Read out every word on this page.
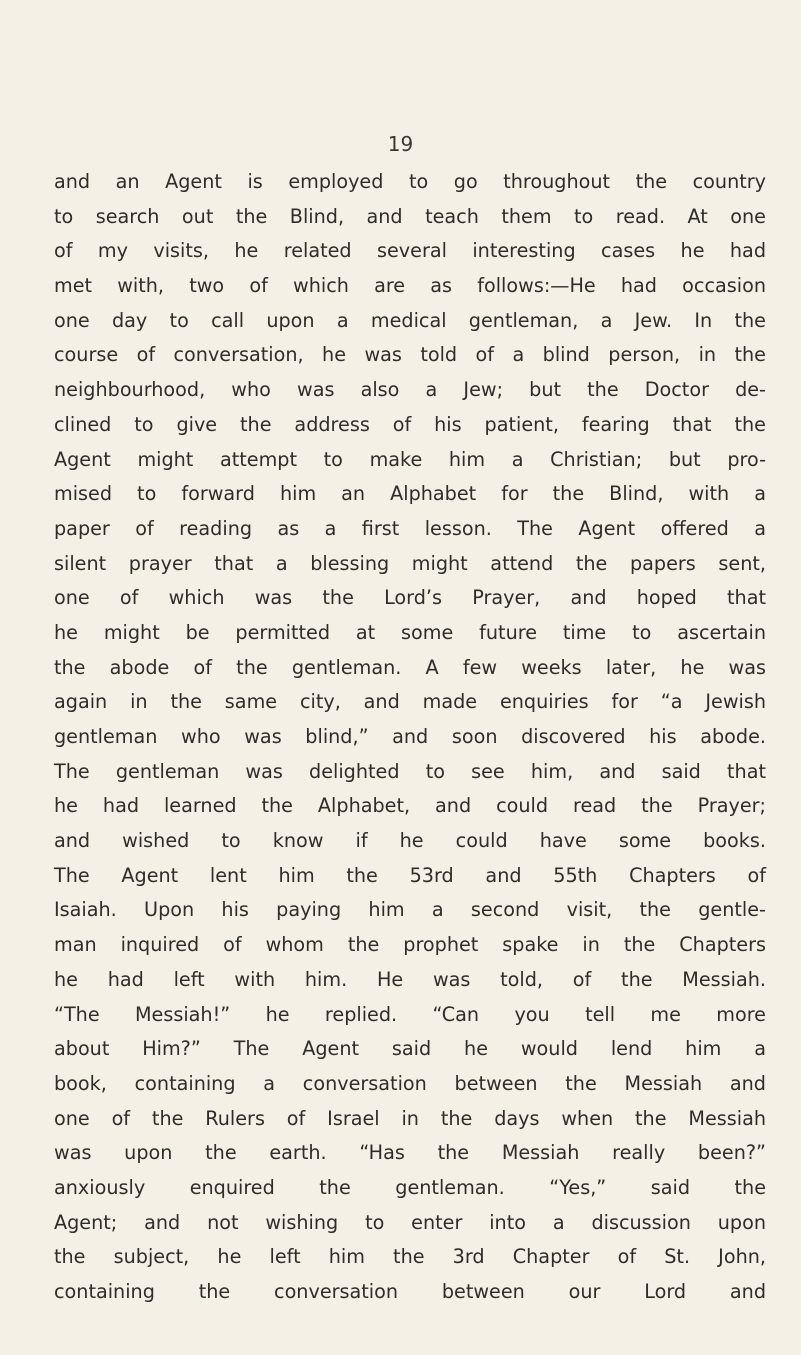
19
and an Agent is employed to go throughout the country
to search out the Blind, and teach them to read. At one
of my visits, he related several interesting cases he had
met with, two of which are as follows:—He had occasion
one day to call upon a medical gentleman, a Jew. In the
course of conversation, he was told of a blind person, in the
neighbourhood, who was also a Jew; but the Doctor de-
clined to give the address of his patient, fearing that the
Agent might attempt to make him a Christian; but pro-
mised to forward him an Alphabet for the Blind, with a
paper of reading as a first lesson. The Agent offered a
silent prayer that a blessing might attend the papers sent,
one of which was the Lord’s Prayer, and hoped that
he might be permitted at some future time to ascertain
the abode of the gentleman. A few weeks later, he was
again in the same city, and made enquiries for “a Jewish
gentleman who was blind,” and soon discovered his abode.
The gentleman was delighted to see him, and said that
he had learned the Alphabet, and could read the Prayer;
and wished to know if he could have some books.
The Agent lent him the 53rd and 55th Chapters of
Isaiah. Upon his paying him a second visit, the gentle-
man inquired of whom the prophet spake in the Chapters
he had left with him. He was told, of the Messiah.
“The Messiah!” he replied. “Can you tell me more
about Him?” The Agent said he would lend him a
book, containing a conversation between the Messiah and
one of the Rulers of Israel in the days when the Messiah
was upon the earth. “Has the Messiah really been?”
anxiously enquired the gentleman. “Yes,” said the
Agent; and not wishing to enter into a discussion upon
the subject, he left him the 3rd Chapter of St. John,
containing the conversation between our Lord and
